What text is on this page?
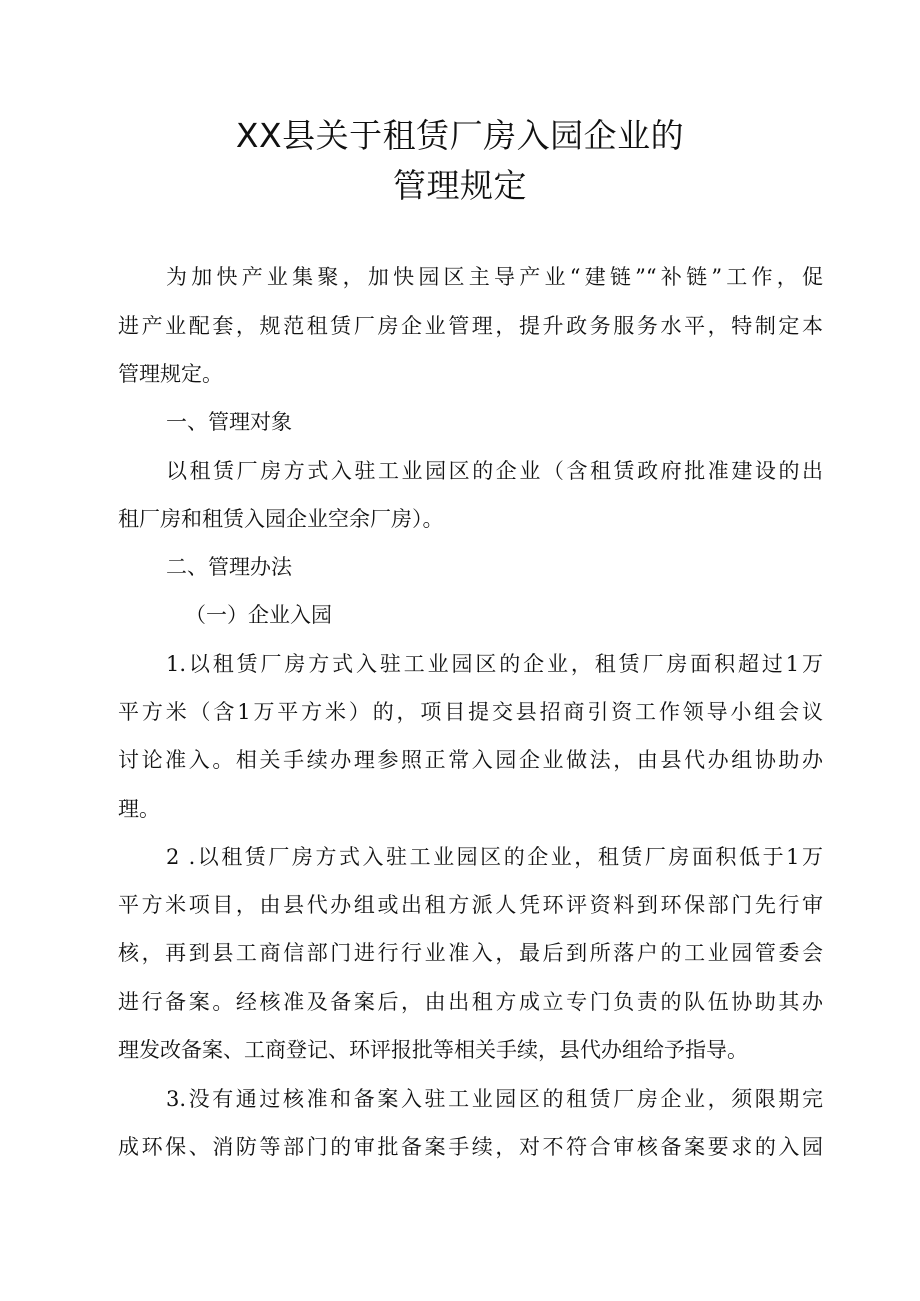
XX县关于租赁厂房入园企业的
管理规定
为加快产业集聚，加快园区主导产业“建链”“补链”工作，促
进产业配套，规范租赁厂房企业管理，提升政务服务水平，特制定本
管理规定。
一、管理对象
以租赁厂房方式入驻工业园区的企业（含租赁政府批准建设的出
租厂房和租赁入园企业空余厂房）。
二、管理办法
（一）企业入园
1.以租赁厂房方式入驻工业园区的企业，租赁厂房面积超过1万
平方米（含1万平方米）的，项目提交县招商引资工作领导小组会议
讨论准入。相关手续办理参照正常入园企业做法，由县代办组协助办
理。
2 .以租赁厂房方式入驻工业园区的企业，租赁厂房面积低于1万
平方米项目，由县代办组或出租方派人凭环评资料到环保部门先行审
核，再到县工商信部门进行行业准入，最后到所落户的工业园管委会
进行备案。经核准及备案后，由出租方成立专门负责的队伍协助其办
理发改备案、工商登记、环评报批等相关手续，县代办组给予指导。
3.没有通过核准和备案入驻工业园区的租赁厂房企业，须限期完
成环保、消防等部门的审批备案手续，对不符合审核备案要求的入园
